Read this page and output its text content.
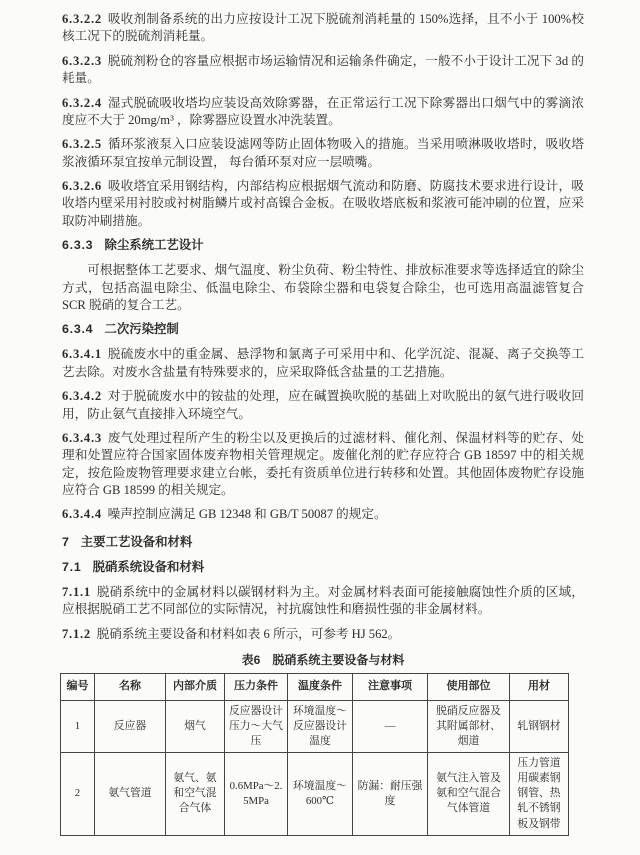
6.3.2.2 吸收剂制备系统的出力应按设计工况下脱硫剂消耗量的 150%选择，且不小于 100%校核工况下的脱硫剂消耗量。

6.3.2.3 脱硫剂粉仓的容量应根据市场运输情况和运输条件确定，一般不小于设计工况下 3d 的耗量。

6.3.2.4 湿式脱硫吸收塔均应装设高效除雾器，在正常运行工况下除雾器出口烟气中的雾滴浓度应不大于 20mg/m³ ，除雾器应设置水冲洗装置。

6.3.2.5 循环浆液泵入口应装设滤网等防止固体物吸入的措施。当采用喷淋吸收塔时，吸收塔浆液循环泵宜按单元制设置， 每台循环泵对应一层喷嘴。

6.3.2.6 吸收塔宜采用钢结构，内部结构应根据烟气流动和防磨、防腐技术要求进行设计，吸收塔内壁采用衬胶或衬树脂鳞片或衬高镍合金板。在吸收塔底板和浆液可能冲刷的位置，应采取防冲刷措施。

6.3.3 除尘系统工艺设计

可根据整体工艺要求、烟气温度、粉尘负荷、粉尘特性、排放标准要求等选择适宜的除尘方式，包括高温电除尘、低温电除尘、布袋除尘器和电袋复合除尘，也可选用高温滤管复合 SCR 脱硝的复合工艺。

6.3.4 二次污染控制

6.3.4.1 脱硫废水中的重金属、悬浮物和氯离子可采用中和、化学沉淀、混凝、离子交换等工艺去除。对废水含盐量有特殊要求的，应采取降低含盐量的工艺措施。

6.3.4.2 对于脱硫废水中的铵盐的处理，应在碱置换吹脱的基础上对吹脱出的氨气进行吸收回用，防止氨气直接排入环境空气。

6.3.4.3 废气处理过程所产生的粉尘以及更换后的过滤材料、催化剂、保温材料等的贮存、处理和处置应符合国家固体废弃物相关管理规定。废催化剂的贮存应符合 GB 18597 中的相关规定，按危险废物管理要求建立台帐，委托有资质单位进行转移和处置。其他固体废物贮存设施应符合 GB 18599 的相关规定。

6.3.4.4 噪声控制应满足 GB 12348 和 GB/T 50087 的规定。

7 主要工艺设备和材料

7.1 脱硝系统设备和材料

7.1.1 脱硝系统中的金属材料以碳钢材料为主。对金属材料表面可能接触腐蚀性介质的区域，应根据脱硝工艺不同部位的实际情况，衬抗腐蚀性和磨损性强的非金属材料。

7.1.2 脱硝系统主要设备和材料如表 6 所示，可参考 HJ 562。

表6　脱硝系统主要设备与材料

编号	名称	内部介质	压力条件	温度条件	注意事项	使用部位	用材
1	反应器	烟气	反应器设计压力～大气压	环境温度～反应器设计温度	—	脱硝反应器及其附属部材、烟道	轧钢钢材
2	氨气管道	氨气、氨和空气混合气体	0.6MPa～2.5MPa	环境温度～600℃	防漏：耐压强度	氨气注入管及氨和空气混合气体管道	压力管道用碳素钢钢管、热轧不锈钢板及钢带
